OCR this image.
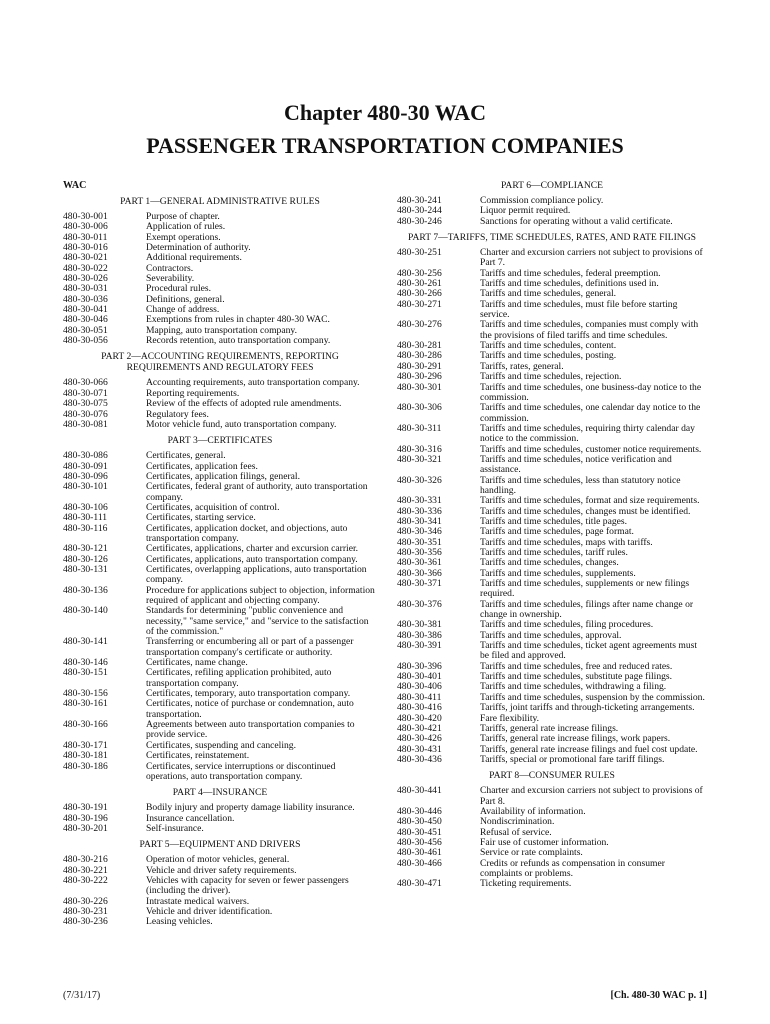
Chapter 480-30 WAC
PASSENGER TRANSPORTATION COMPANIES
WAC
PART 1—GENERAL ADMINISTRATIVE RULES
480-30-001	Purpose of chapter.
480-30-006	Application of rules.
480-30-011	Exempt operations.
480-30-016	Determination of authority.
480-30-021	Additional requirements.
480-30-022	Contractors.
480-30-026	Severability.
480-30-031	Procedural rules.
480-30-036	Definitions, general.
480-30-041	Change of address.
480-30-046	Exemptions from rules in chapter 480-30 WAC.
480-30-051	Mapping, auto transportation company.
480-30-056	Records retention, auto transportation company.
PART 2—ACCOUNTING REQUIREMENTS, REPORTING REQUIREMENTS AND REGULATORY FEES
480-30-066	Accounting requirements, auto transportation company.
480-30-071	Reporting requirements.
480-30-075	Review of the effects of adopted rule amendments.
480-30-076	Regulatory fees.
480-30-081	Motor vehicle fund, auto transportation company.
PART 3—CERTIFICATES
480-30-086	Certificates, general.
480-30-091	Certificates, application fees.
480-30-096	Certificates, application filings, general.
480-30-101	Certificates, federal grant of authority, auto transportation company.
480-30-106	Certificates, acquisition of control.
480-30-111	Certificates, starting service.
480-30-116	Certificates, application docket, and objections, auto transportation company.
480-30-121	Certificates, applications, charter and excursion carrier.
480-30-126	Certificates, applications, auto transportation company.
480-30-131	Certificates, overlapping applications, auto transportation company.
480-30-136	Procedure for applications subject to objection, information required of applicant and objecting company.
480-30-140	Standards for determining "public convenience and necessity," "same service," and "service to the satisfaction of the commission."
480-30-141	Transferring or encumbering all or part of a passenger transportation company's certificate or authority.
480-30-146	Certificates, name change.
480-30-151	Certificates, refiling application prohibited, auto transportation company.
480-30-156	Certificates, temporary, auto transportation company.
480-30-161	Certificates, notice of purchase or condemnation, auto transportation.
480-30-166	Agreements between auto transportation companies to provide service.
480-30-171	Certificates, suspending and canceling.
480-30-181	Certificates, reinstatement.
480-30-186	Certificates, service interruptions or discontinued operations, auto transportation company.
PART 4—INSURANCE
480-30-191	Bodily injury and property damage liability insurance.
480-30-196	Insurance cancellation.
480-30-201	Self-insurance.
PART 5—EQUIPMENT AND DRIVERS
480-30-216	Operation of motor vehicles, general.
480-30-221	Vehicle and driver safety requirements.
480-30-222	Vehicles with capacity for seven or fewer passengers (including the driver).
480-30-226	Intrastate medical waivers.
480-30-231	Vehicle and driver identification.
480-30-236	Leasing vehicles.
PART 6—COMPLIANCE
480-30-241	Commission compliance policy.
480-30-244	Liquor permit required.
480-30-246	Sanctions for operating without a valid certificate.
PART 7—TARIFFS, TIME SCHEDULES, RATES, AND RATE FILINGS
480-30-251	Charter and excursion carriers not subject to provisions of Part 7.
480-30-256	Tariffs and time schedules, federal preemption.
480-30-261	Tariffs and time schedules, definitions used in.
480-30-266	Tariffs and time schedules, general.
480-30-271	Tariffs and time schedules, must file before starting service.
480-30-276	Tariffs and time schedules, companies must comply with the provisions of filed tariffs and time schedules.
480-30-281	Tariffs and time schedules, content.
480-30-286	Tariffs and time schedules, posting.
480-30-291	Tariffs, rates, general.
480-30-296	Tariffs and time schedules, rejection.
480-30-301	Tariffs and time schedules, one business-day notice to the commission.
480-30-306	Tariffs and time schedules, one calendar day notice to the commission.
480-30-311	Tariffs and time schedules, requiring thirty calendar day notice to the commission.
480-30-316	Tariffs and time schedules, customer notice requirements.
480-30-321	Tariffs and time schedules, notice verification and assistance.
480-30-326	Tariffs and time schedules, less than statutory notice handling.
480-30-331	Tariffs and time schedules, format and size requirements.
480-30-336	Tariffs and time schedules, changes must be identified.
480-30-341	Tariffs and time schedules, title pages.
480-30-346	Tariffs and time schedules, page format.
480-30-351	Tariffs and time schedules, maps with tariffs.
480-30-356	Tariffs and time schedules, tariff rules.
480-30-361	Tariffs and time schedules, changes.
480-30-366	Tariffs and time schedules, supplements.
480-30-371	Tariffs and time schedules, supplements or new filings required.
480-30-376	Tariffs and time schedules, filings after name change or change in ownership.
480-30-381	Tariffs and time schedules, filing procedures.
480-30-386	Tariffs and time schedules, approval.
480-30-391	Tariffs and time schedules, ticket agent agreements must be filed and approved.
480-30-396	Tariffs and time schedules, free and reduced rates.
480-30-401	Tariffs and time schedules, substitute page filings.
480-30-406	Tariffs and time schedules, withdrawing a filing.
480-30-411	Tariffs and time schedules, suspension by the commission.
480-30-416	Tariffs, joint tariffs and through-ticketing arrangements.
480-30-420	Fare flexibility.
480-30-421	Tariffs, general rate increase filings.
480-30-426	Tariffs, general rate increase filings, work papers.
480-30-431	Tariffs, general rate increase filings and fuel cost update.
480-30-436	Tariffs, special or promotional fare tariff filings.
PART 8—CONSUMER RULES
480-30-441	Charter and excursion carriers not subject to provisions of Part 8.
480-30-446	Availability of information.
480-30-450	Nondiscrimination.
480-30-451	Refusal of service.
480-30-456	Fair use of customer information.
480-30-461	Service or rate complaints.
480-30-466	Credits or refunds as compensation in consumer complaints or problems.
480-30-471	Ticketing requirements.
(7/31/17)	[Ch. 480-30 WAC p. 1]
